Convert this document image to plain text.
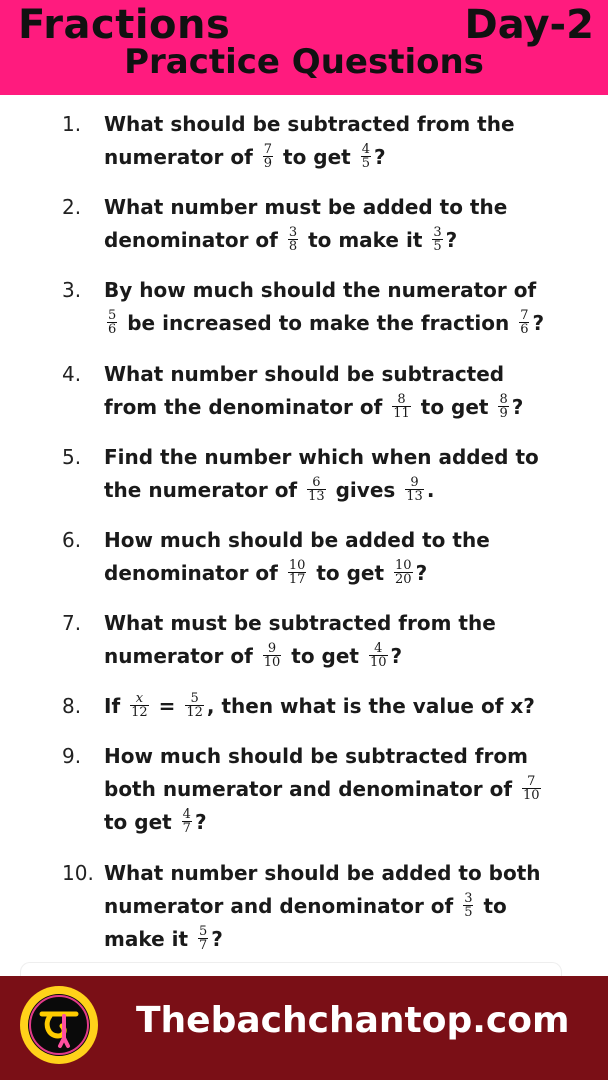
Fractions	Day-2
Practice Questions
1. What should be subtracted from the
numerator of $\frac{7}{9}$ to get $\frac{4}{5}$ ?
2. What number must be added to the
denominator of $\frac{3}{8}$ to make it $\frac{3}{5}$ ?
3. By how much should the numerator of
$\frac{5}{6}$ be increased to make the fraction $\frac{7}{6}$ ?
4. What number should be subtracted
from the denominator of $\frac{8}{11}$ to get $\frac{8}{9}$ ?
5. Find the number which when added to
the numerator of $\frac{6}{13}$ gives $\frac{9}{13}$ .
6. How much should be added to the
denominator of $\frac{10}{17}$ to get $\frac{10}{20}$ ?
7. What must be subtracted from the
numerator of $\frac{9}{10}$ to get $\frac{4}{10}$ ?
8. If $\frac{x}{12} = \frac{5}{12}$ , then what is the value of x?
9. How much should be subtracted from
both numerator and denominator of $\frac{7}{10}$
to get $\frac{4}{7}$ ?
10. What number should be added to both
numerator and denominator of $\frac{3}{5}$ to
make it $\frac{5}{7}$ ?
Thebachchantop.com
